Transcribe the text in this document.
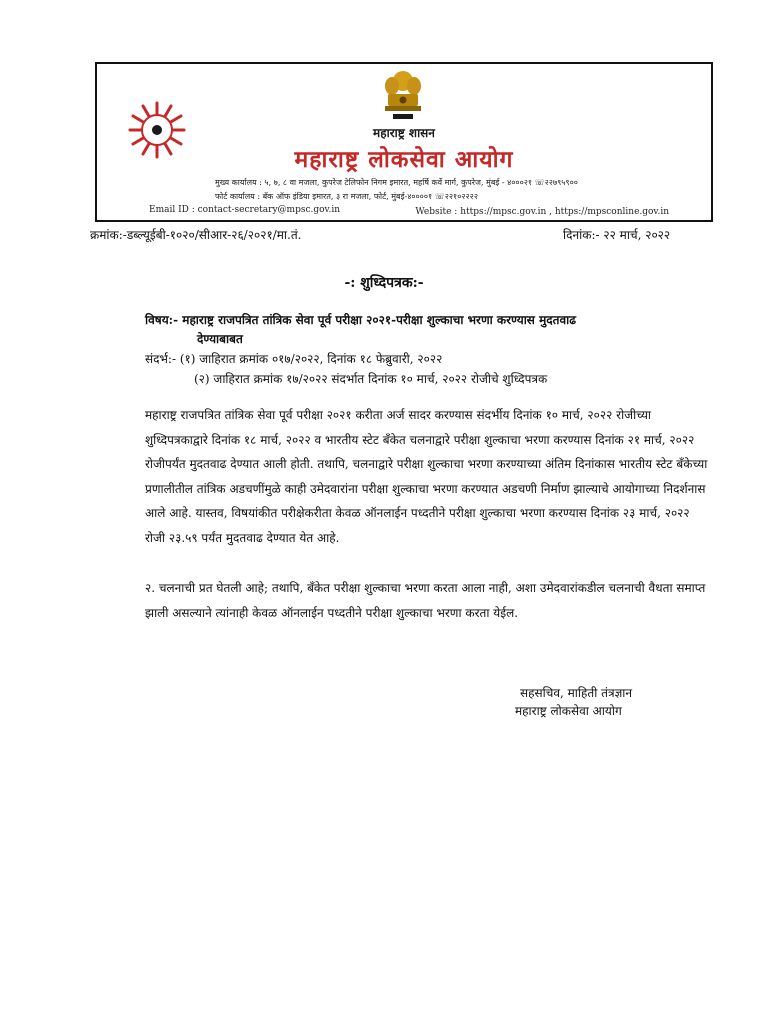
महाराष्ट्र शासन
महाराष्ट्र लोकसेवा आयोग
मुख्य कार्यालय : ५, ७, ८ वा मजला, कुपरेज टेलिफोन निगम इमारत, महर्षि कर्वे मार्ग, कुपरेज, मुंबई - ४०००२१ ☏२२७९५९००
फोर्ट कार्यालय : बँक ऑफ इंडिया इमारत, ३ रा मजला, फोर्ट, मुंबई-४००००१ ☏२२१०२२२२
Email ID : contact-secretary@mpsc.gov.in	Website : https://mpsc.gov.in , https://mpsconline.gov.in
क्रमांक:-डब्ल्यूईबी-१०२०/सीआर-२६/२०२१/मा.तं.	दिनांक:- २२ मार्च, २०२२
-: शुध्दिपत्रक:-
विषय:- महाराष्ट्र राजपत्रित तांत्रिक सेवा पूर्व परीक्षा २०२१-परीक्षा शुल्काचा भरणा करण्यास मुदतवाढ
देण्याबाबत
संदर्भ:- (१) जाहिरात क्रमांक ०१७/२०२२, दिनांक १८ फेब्रुवारी, २०२२
(२) जाहिरात क्रमांक १७/२०२२ संदर्भात दिनांक १० मार्च, २०२२ रोजीचे शुध्दिपत्रक
महाराष्ट्र राजपत्रित तांत्रिक सेवा पूर्व परीक्षा २०२१ करीता अर्ज सादर करण्यास संदर्भीय दिनांक १० मार्च, २०२२ रोजीच्या शुध्दिपत्रकाद्वारे दिनांक १८ मार्च, २०२२ व भारतीय स्टेट बँकेत चलनाद्वारे परीक्षा शुल्काचा भरणा करण्यास दिनांक २१ मार्च, २०२२ रोजीपर्यंत मुदतवाढ देण्यात आली होती. तथापि, चलनाद्वारे परीक्षा शुल्काचा भरणा करण्याच्या अंतिम दिनांकास भारतीय स्टेट बँकेच्या प्रणालीतील तांत्रिक अडचणींमुळे काही उमेदवारांना परीक्षा शुल्काचा भरणा करण्यात अडचणी निर्माण झाल्याचे आयोगाच्या निदर्शनास आले आहे. यास्तव, विषयांकीत परीक्षेकरीता केवळ ऑनलाईन पध्दतीने परीक्षा शुल्काचा भरणा करण्यास दिनांक २३ मार्च, २०२२ रोजी २३.५९ पर्यंत मुदतवाढ देण्यात येत आहे.
२. चलनाची प्रत घेतली आहे; तथापि, बँकेत परीक्षा शुल्काचा भरणा करता आला नाही, अशा उमेदवारांकडील चलनाची वैधता समाप्त झाली असल्याने त्यांनाही केवळ ऑनलाईन पध्दतीने परीक्षा शुल्काचा भरणा करता येईल.
सहसचिव, माहिती तंत्रज्ञान
महाराष्ट्र लोकसेवा आयोग
